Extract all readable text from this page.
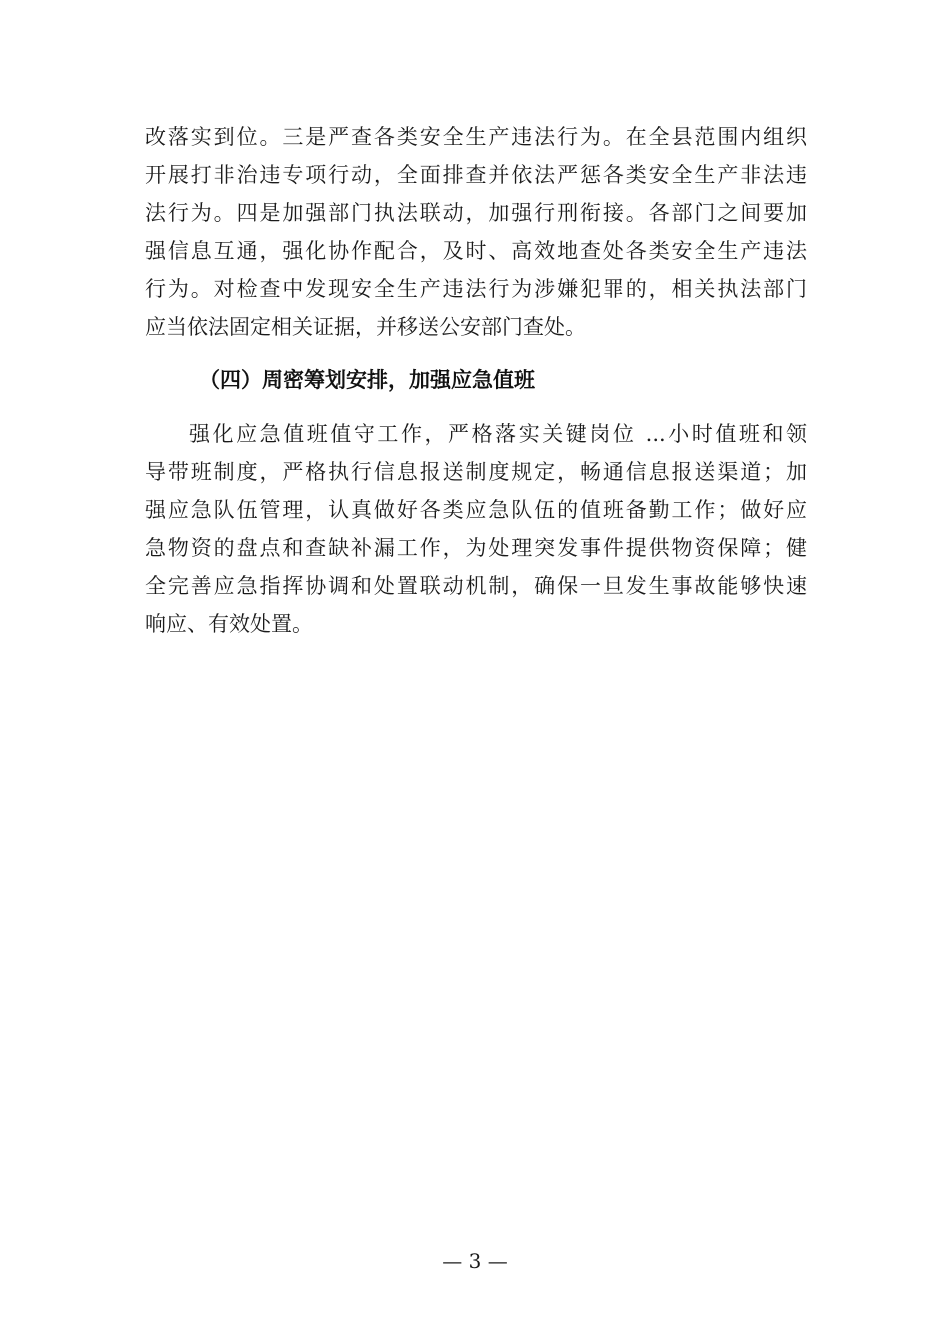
改落实到位。三是严查各类安全生产违法行为。在全县范围内组织
开展打非治违专项行动，全面排查并依法严惩各类安全生产非法违
法行为。四是加强部门执法联动，加强行刑衔接。各部门之间要加
强信息互通，强化协作配合，及时、高效地查处各类安全生产违法
行为。对检查中发现安全生产违法行为涉嫌犯罪的，相关执法部门
应当依法固定相关证据，并移送公安部门查处。
（四）周密筹划安排，加强应急值班
强化应急值班值守工作，严格落实关键岗位 ...小时值班和领
导带班制度，严格执行信息报送制度规定，畅通信息报送渠道；加
强应急队伍管理，认真做好各类应急队伍的值班备勤工作；做好应
急物资的盘点和查缺补漏工作，为处理突发事件提供物资保障；健
全完善应急指挥协调和处置联动机制，确保一旦发生事故能够快速
响应、有效处置。
— 3 —
